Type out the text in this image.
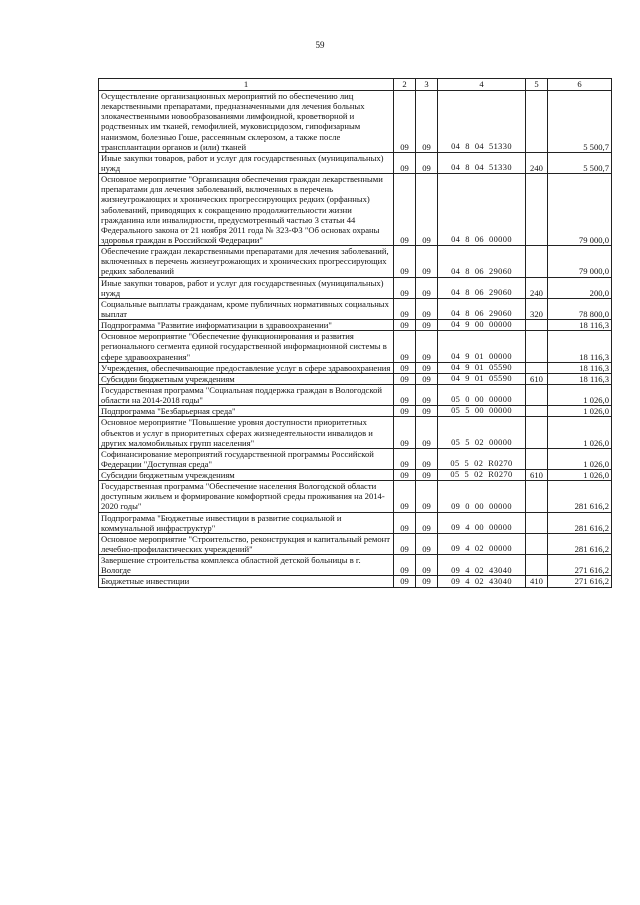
59
1	2	3	4	5	6
Осуществление организационных мероприятий по обеспечению лиц лекарственными препаратами, предназначенными для лечения больных злокачественными новообразованиями лимфоидной, кроветворной и родственных им тканей, гемофилией, муковисцидозом, гипофизарным нанизмом, болезнью Гоше, рассеянным склерозом, а также после трансплантации органов и (или) тканей	09	09	04  8  04  51330		5 500,7
Иные закупки товаров, работ и услуг для государственных (муниципальных) нужд	09	09	04  8  04  51330	240	5 500,7
Основное мероприятие "Организация обеспечения граждан лекарственными препаратами для лечения заболеваний, включенных в перечень жизнеугрожающих и хронических прогрессирующих редких (орфанных) заболеваний, приводящих к сокращению продолжительности жизни гражданина или инвалидности, предусмотренный частью 3 статьи 44 Федерального закона от 21 ноября 2011 года № 323-ФЗ "Об основах охраны здоровья граждан в Российской Федерации"	09	09	04  8  06  00000		79 000,0
Обеспечение граждан лекарственными препаратами для лечения заболеваний, включенных в перечень жизнеугрожающих и хронических прогрессирующих редких заболеваний	09	09	04  8  06  29060		79 000,0
Иные закупки товаров, работ и услуг для государственных (муниципальных) нужд	09	09	04  8  06  29060	240	200,0
Социальные выплаты гражданам, кроме публичных нормативных социальных выплат	09	09	04  8  06  29060	320	78 800,0
Подпрограмма "Развитие информатизации в здравоохранении"	09	09	04  9  00  00000		18 116,3
Основное мероприятие "Обеспечение функционирования и развития регионального сегмента единой государственной информационной системы в сфере здравоохранения"	09	09	04  9  01  00000		18 116,3
Учреждения, обеспечивающие предоставление услуг в сфере здравоохранения	09	09	04  9  01  05590		18 116,3
Субсидии бюджетным учреждениям	09	09	04  9  01  05590	610	18 116,3
Государственная программа "Социальная поддержка граждан в Вологодской области на 2014-2018 годы"	09	09	05  0  00  00000		1 026,0
Подпрограмма "Безбарьерная среда"	09	09	05  5  00  00000		1 026,0
Основное мероприятие "Повышение уровня доступности приоритетных объектов и услуг в приоритетных сферах жизнедеятельности инвалидов и других маломобильных групп населения"	09	09	05  5  02  00000		1 026,0
Софинансирование мероприятий государственной программы Российской Федерации "Доступная среда"	09	09	05  5  02  R0270		1 026,0
Субсидии бюджетным учреждениям	09	09	05  5  02  R0270	610	1 026,0
Государственная программа "Обеспечение населения Вологодской области доступным жильем и формирование комфортной среды проживания на 2014-2020 годы"	09	09	09  0  00  00000		281 616,2
Подпрограмма "Бюджетные инвестиции в развитие социальной и коммунальной инфраструктур"	09	09	09  4  00  00000		281 616,2
Основное мероприятие "Строительство, реконструкция и капитальный ремонт лечебно-профилактических учреждений"	09	09	09  4  02  00000		281 616,2
Завершение строительства комплекса областной детской больницы в г. Вологде	09	09	09  4  02  43040		271 616,2
Бюджетные инвестиции	09	09	09  4  02  43040	410	271 616,2
